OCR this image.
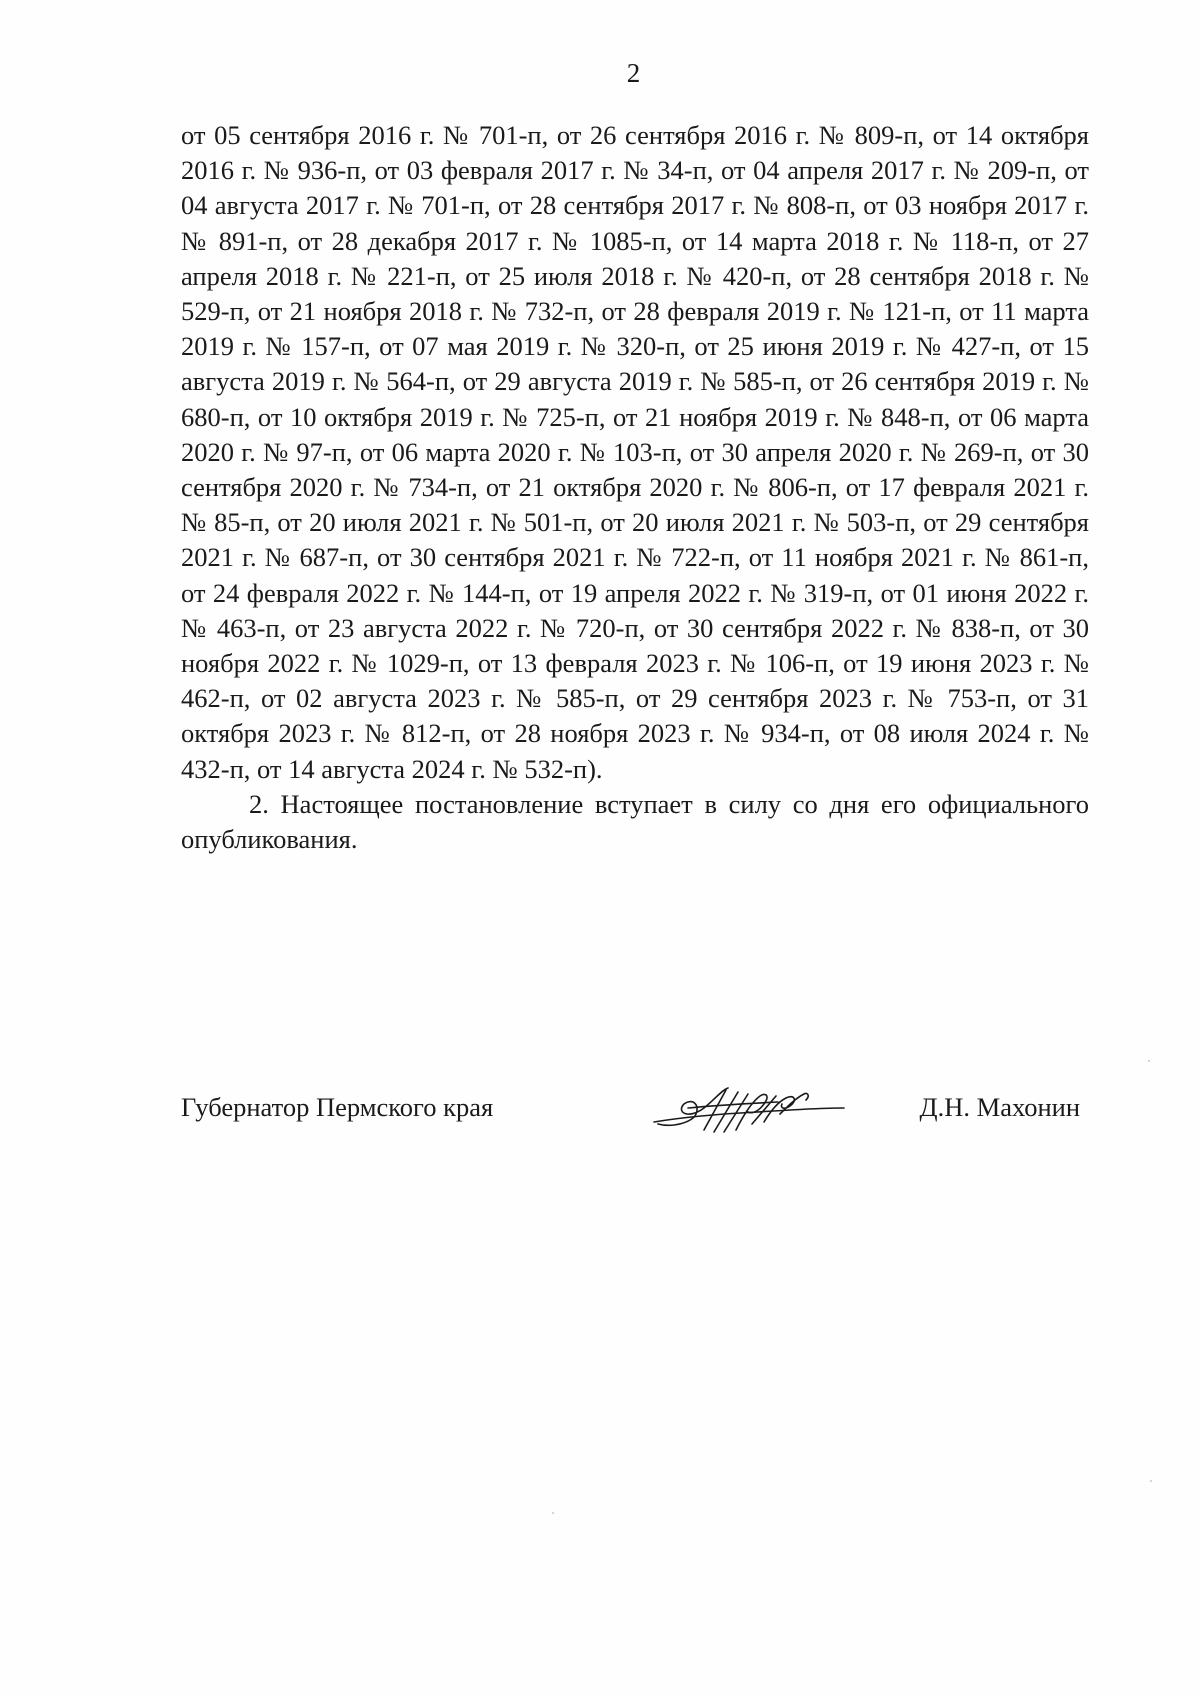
2

от 05 сентября 2016 г. № 701-п, от 26 сентября 2016 г. № 809-п, от 14 октября 2016 г. № 936-п, от 03 февраля 2017 г. № 34-п, от 04 апреля 2017 г. № 209-п, от 04 августа 2017 г. № 701-п, от 28 сентября 2017 г. № 808-п, от 03 ноября 2017 г. № 891-п, от 28 декабря 2017 г. № 1085-п, от 14 марта 2018 г. № 118-п, от 27 апреля 2018 г. № 221-п, от 25 июля 2018 г. № 420-п, от 28 сентября 2018 г. № 529-п, от 21 ноября 2018 г. № 732-п, от 28 февраля 2019 г. № 121-п, от 11 марта 2019 г. № 157-п, от 07 мая 2019 г. № 320-п, от 25 июня 2019 г. № 427-п, от 15 августа 2019 г. № 564-п, от 29 августа 2019 г. № 585-п, от 26 сентября 2019 г. № 680-п, от 10 октября 2019 г. № 725-п, от 21 ноября 2019 г. № 848-п, от 06 марта 2020 г. № 97-п, от 06 марта 2020 г. № 103-п, от 30 апреля 2020 г. № 269-п, от 30 сентября 2020 г. № 734-п, от 21 октября 2020 г. № 806-п, от 17 февраля 2021 г. № 85-п, от 20 июля 2021 г. № 501-п, от 20 июля 2021 г. № 503-п, от 29 сентября 2021 г. № 687-п, от 30 сентября 2021 г. № 722-п, от 11 ноября 2021 г. № 861-п, от 24 февраля 2022 г. № 144-п, от 19 апреля 2022 г. № 319-п, от 01 июня 2022 г. № 463-п, от 23 августа 2022 г. № 720-п, от 30 сентября 2022 г. № 838-п, от 30 ноября 2022 г. № 1029-п, от 13 февраля 2023 г. № 106-п, от 19 июня 2023 г. № 462-п, от 02 августа 2023 г. № 585-п, от 29 сентября 2023 г. № 753-п, от 31 октября 2023 г. № 812-п, от 28 ноября 2023 г. № 934-п, от 08 июля 2024 г. № 432-п, от 14 августа 2024 г. № 532-п).

2. Настоящее постановление вступает в силу со дня его официального опубликования.

Губернатор Пермского края	Д.Н. Махонин
